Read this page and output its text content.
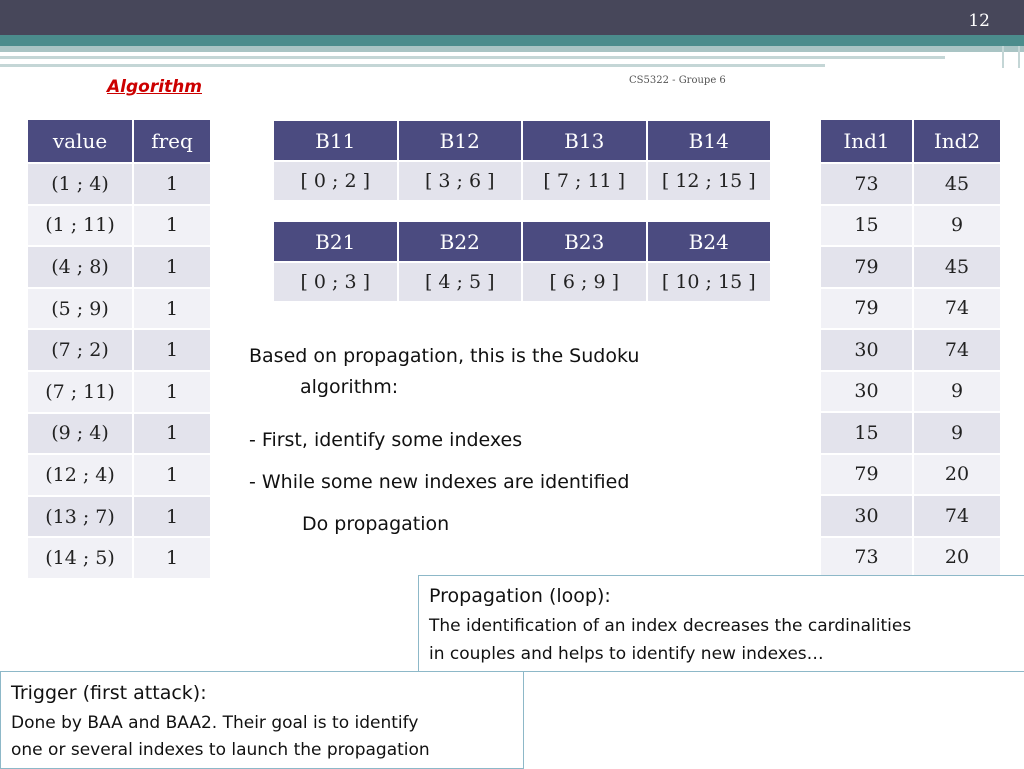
12
CS5322 - Groupe 6
Algorithm
value	freq
(1 ; 4)	1
(1 ; 11)	1
(4 ; 8)	1
(5 ; 9)	1
(7 ; 2)	1
(7 ; 11)	1
(9 ; 4)	1
(12 ; 4)	1
(13 ; 7)	1
(14 ; 5)	1
B11	B12	B13	B14
[ 0 ; 2 ]	[ 3 ; 6 ]	[ 7 ; 11 ]	[ 12 ; 15 ]
B21	B22	B23	B24
[ 0 ; 3 ]	[ 4 ; 5 ]	[ 6 ; 9 ]	[ 10 ; 15 ]
Ind1	Ind2
73	45
15	9
79	45
79	74
30	74
30	9
15	9
79	20
30	74
73	20
Based on propagation, this is the Sudoku
algorithm:
- First, identify some indexes
- While some new indexes are identified
Do propagation
Propagation (loop):
The identification of an index decreases the cardinalities
in couples and helps to identify new indexes…
Trigger (first attack):
Done by BAA and BAA2. Their goal is to identify
one or several indexes to launch the propagation
